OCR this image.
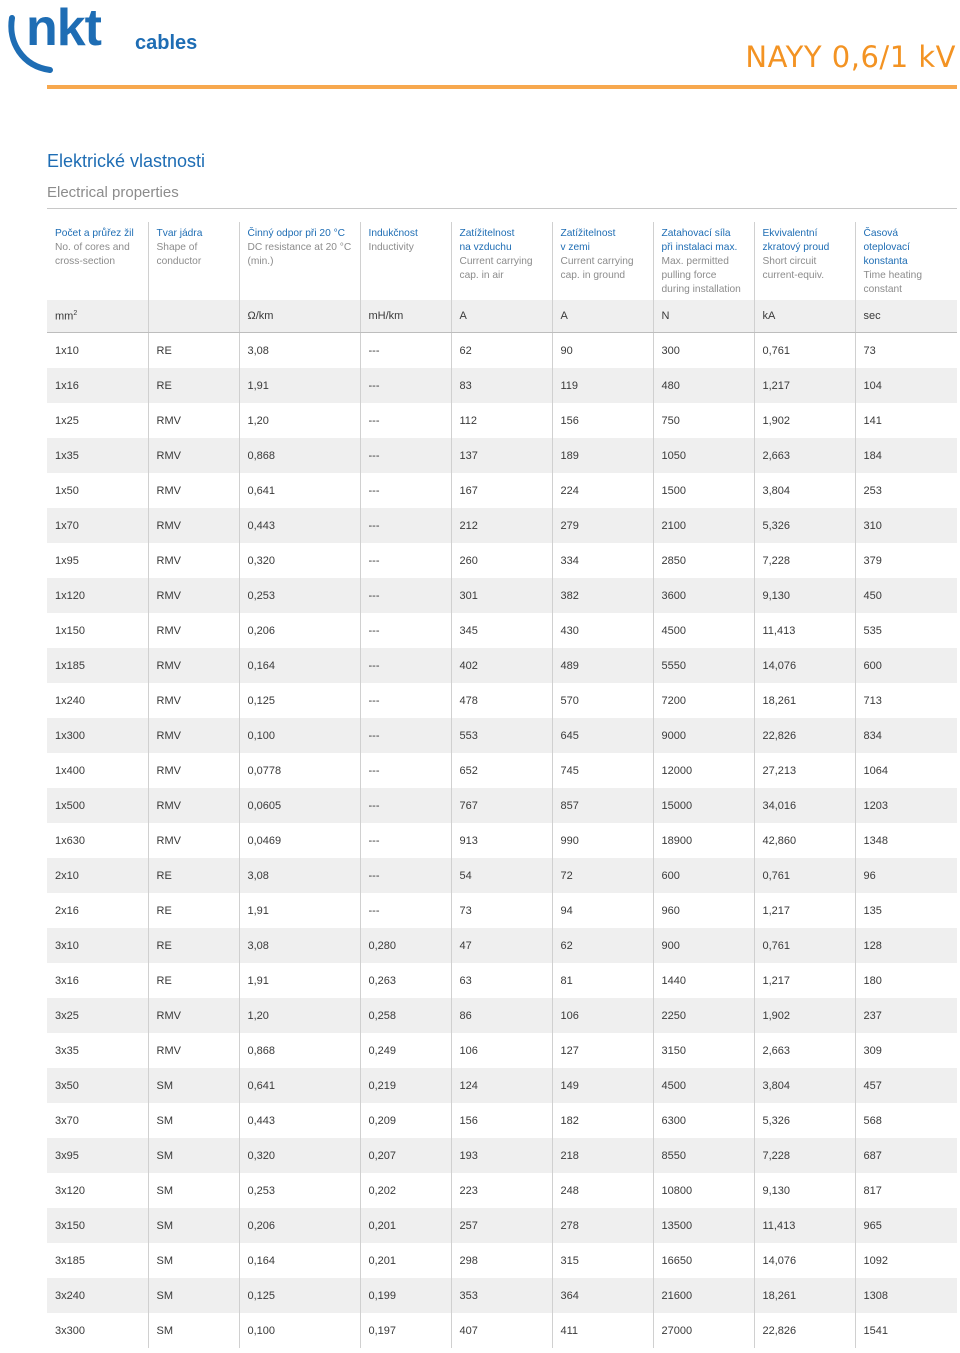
nkt cables	NAYY 0,6/1 kV
Elektrické vlastnosti
Electrical properties
Počet a průřez žil
No. of cores and
cross-section	Tvar jádra
Shape of
conductor	Činný odpor při 20 °C
DC resistance at 20 °C
(min.)	Indukčnost
Inductivity	Zatížitelnost
na vzduchu
Current carrying
cap. in air	Zatížitelnost
v zemi
Current carrying
cap. in ground	Zatahovací síla
při instalaci max.
Max. permitted
pulling force
during installation	Ekvivalentní
zkratový proud
Short circuit
current-equiv.	Časová
oteplovací
konstanta
Time heating
constant

$mm^2$		Ω/km	mH/km	A	A	N	kA	sec
1x10	RE	3,08	---	62	90	300	0,761	73
1x16	RE	1,91	---	83	119	480	1,217	104
1x25	RMV	1,20	---	112	156	750	1,902	141
1x35	RMV	0,868	---	137	189	1050	2,663	184
1x50	RMV	0,641	---	167	224	1500	3,804	253
1x70	RMV	0,443	---	212	279	2100	5,326	310
1x95	RMV	0,320	---	260	334	2850	7,228	379
1x120	RMV	0,253	---	301	382	3600	9,130	450
1x150	RMV	0,206	---	345	430	4500	11,413	535
1x185	RMV	0,164	---	402	489	5550	14,076	600
1x240	RMV	0,125	---	478	570	7200	18,261	713
1x300	RMV	0,100	---	553	645	9000	22,826	834
1x400	RMV	0,0778	---	652	745	12000	27,213	1064
1x500	RMV	0,0605	---	767	857	15000	34,016	1203
1x630	RMV	0,0469	---	913	990	18900	42,860	1348
2x10	RE	3,08	---	54	72	600	0,761	96
2x16	RE	1,91	---	73	94	960	1,217	135
3x10	RE	3,08	0,280	47	62	900	0,761	128
3x16	RE	1,91	0,263	63	81	1440	1,217	180
3x25	RMV	1,20	0,258	86	106	2250	1,902	237
3x35	RMV	0,868	0,249	106	127	3150	2,663	309
3x50	SM	0,641	0,219	124	149	4500	3,804	457
3x70	SM	0,443	0,209	156	182	6300	5,326	568
3x95	SM	0,320	0,207	193	218	8550	7,228	687
3x120	SM	0,253	0,202	223	248	10800	9,130	817
3x150	SM	0,206	0,201	257	278	13500	11,413	965
3x185	SM	0,164	0,201	298	315	16650	14,076	1092
3x240	SM	0,125	0,199	353	364	21600	18,261	1308
3x300	SM	0,100	0,197	407	411	27000	22,826	1541
